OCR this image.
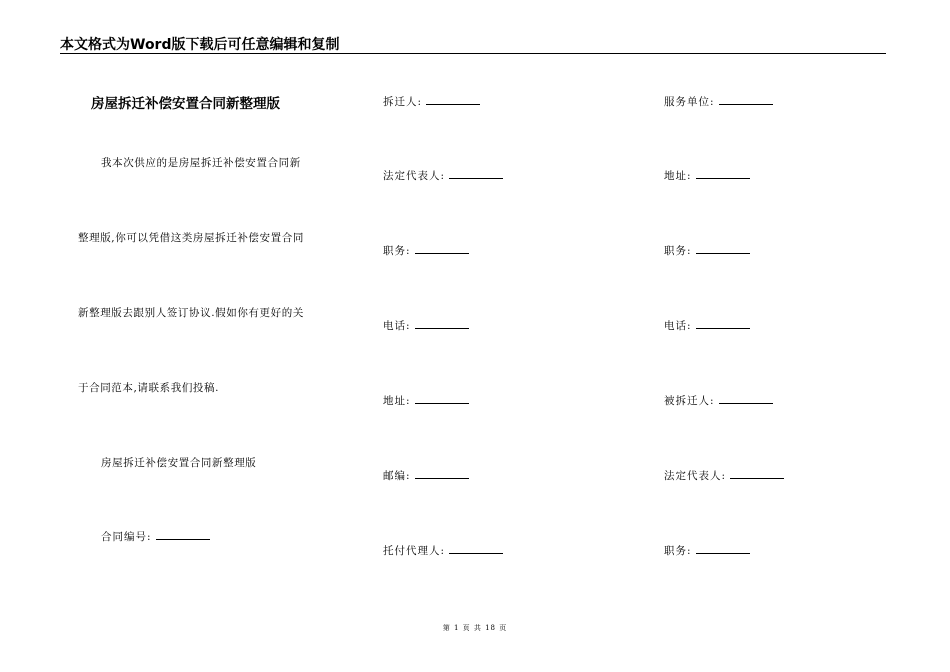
本文格式为Word版下载后可任意编辑和复制
房屋拆迁补偿安置合同新整理版
我本次供应的是房屋拆迁补偿安置合同新
整理版,你可以凭借这类房屋拆迁补偿安置合同
新整理版去跟别人签订协议.假如你有更好的关
于合同范本,请联系我们投稿.
房屋拆迁补偿安置合同新整理版
合同编号:
拆迁人:
法定代表人:
职务:
电话:
地址:
邮编:
托付代理人:
服务单位:
地址:
职务:
电话:
被拆迁人:
法定代表人:
职务:
第 1 页 共 18 页
